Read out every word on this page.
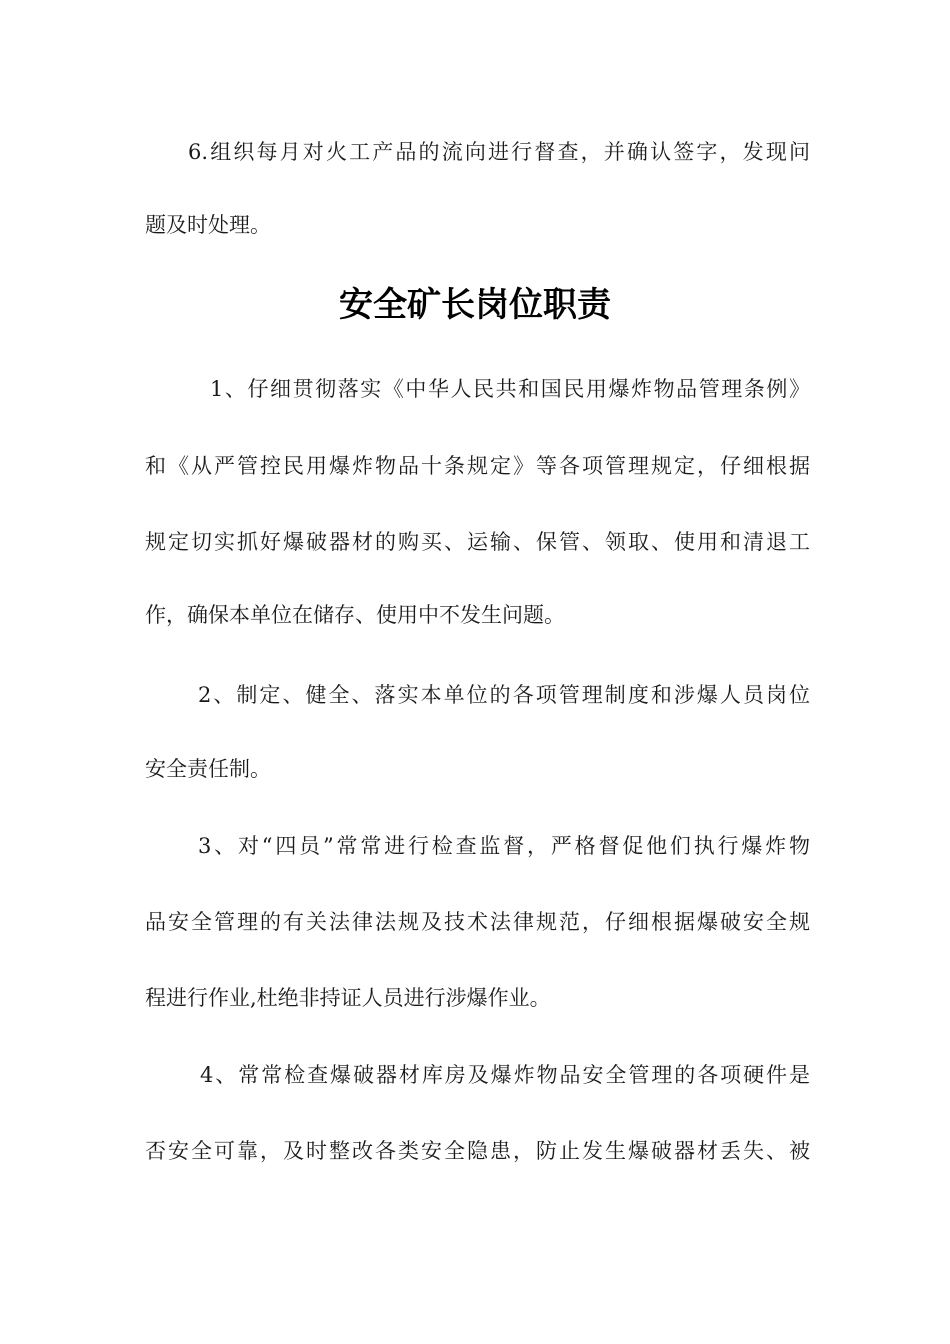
6.组织每月对火工产品的流向进行督查，并确认签字，发现问
题及时处理。
安全矿长岗位职责
1、仔细贯彻落实《中华人民共和国民用爆炸物品管理条例》
和《从严管控民用爆炸物品十条规定》等各项管理规定，仔细根据
规定切实抓好爆破器材的购买、运输、保管、领取、使用和清退工
作，确保本单位在储存、使用中不发生问题。
2、制定、健全、落实本单位的各项管理制度和涉爆人员岗位
安全责任制。
3、对“四员”常常进行检查监督，严格督促他们执行爆炸物
品安全管理的有关法律法规及技术法律规范，仔细根据爆破安全规
程进行作业,杜绝非持证人员进行涉爆作业。
4、常常检查爆破器材库房及爆炸物品安全管理的各项硬件是
否安全可靠，及时整改各类安全隐患，防止发生爆破器材丢失、被
